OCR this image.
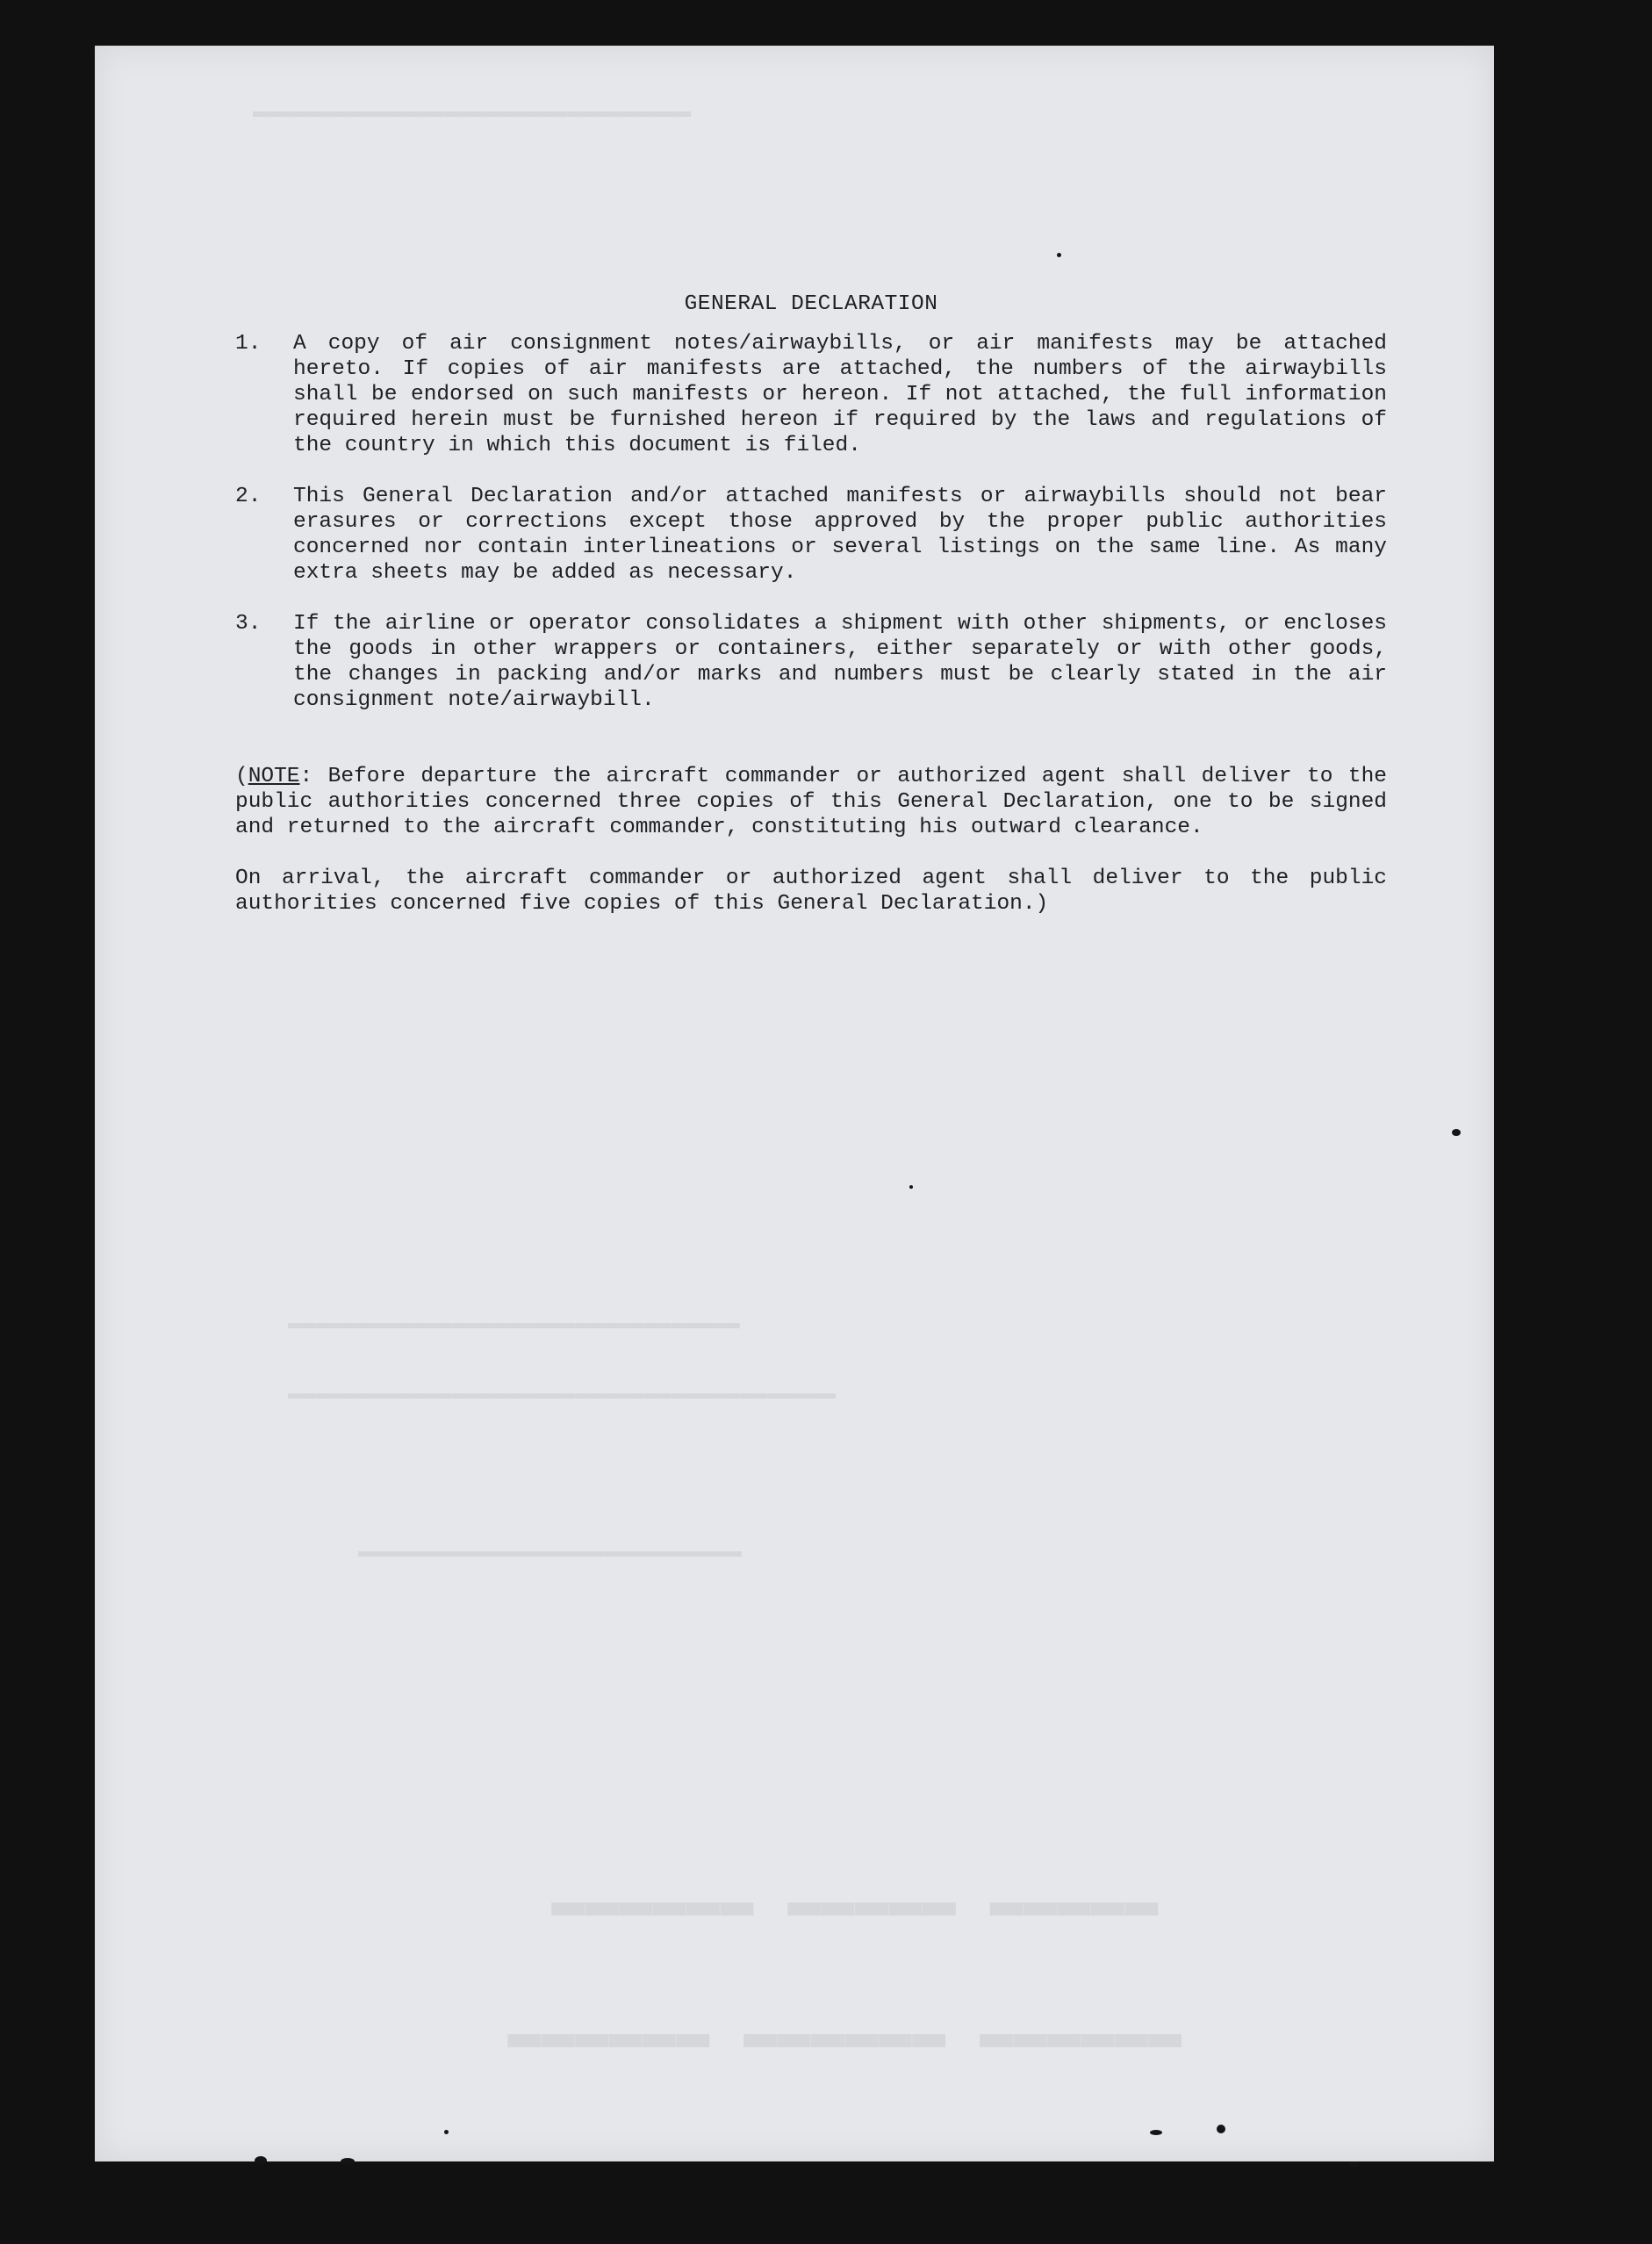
▬▬▬▬▬ ▬▬▬▬▬ ▬▬▬▬▬▬
▬▬▬▬▬▬ ▬▬▬▬▬▬ ▬▬▬▬▬▬
▬▬▬▬▬▬▬▬▬▬▬▬▬▬▬▬▬▬▬▬▬▬▬▬▬▬▬▬▬▬▬▬▬
▬▬▬▬▬▬▬▬▬▬▬▬▬▬▬▬▬▬▬▬▬▬▬▬▬▬▬▬▬▬▬▬▬▬▬▬▬▬▬▬
▬▬▬▬▬▬▬▬▬▬▬▬▬▬▬▬▬▬▬▬▬▬▬▬▬▬▬▬
▬▬▬▬▬▬▬▬▬▬▬▬▬▬▬▬▬▬▬▬▬▬▬▬▬▬▬▬▬▬▬▬
GENERAL DECLARATION
1.	A copy of air consignment notes/airwaybills, or air manifests may be attached hereto. If copies of air manifests are attached, the numbers of the airwaybills shall be endorsed on such manifests or hereon. If not attached, the full information required herein must be furnished hereon if required by the laws and regulations of the country in which this document is filed.
2.	This General Declaration and/or attached manifests or airwaybills should not bear erasures or corrections except those approved by the proper public authorities concerned nor contain interlineations or several listings on the same line. As many extra sheets may be added as necessary.
3.	If the airline or operator consolidates a shipment with other shipments, or encloses the goods in other wrappers or containers, either separately or with other goods, the changes in packing and/or marks and numbers must be clearly stated in the air consignment note/airwaybill.
(NOTE: Before departure the aircraft commander or authorized agent shall deliver to the public authorities concerned three copies of this General Declaration, one to be signed and returned to the aircraft commander, constituting his outward clearance.
On arrival, the aircraft commander or authorized agent shall deliver to the public authorities concerned five copies of this General Declaration.)
